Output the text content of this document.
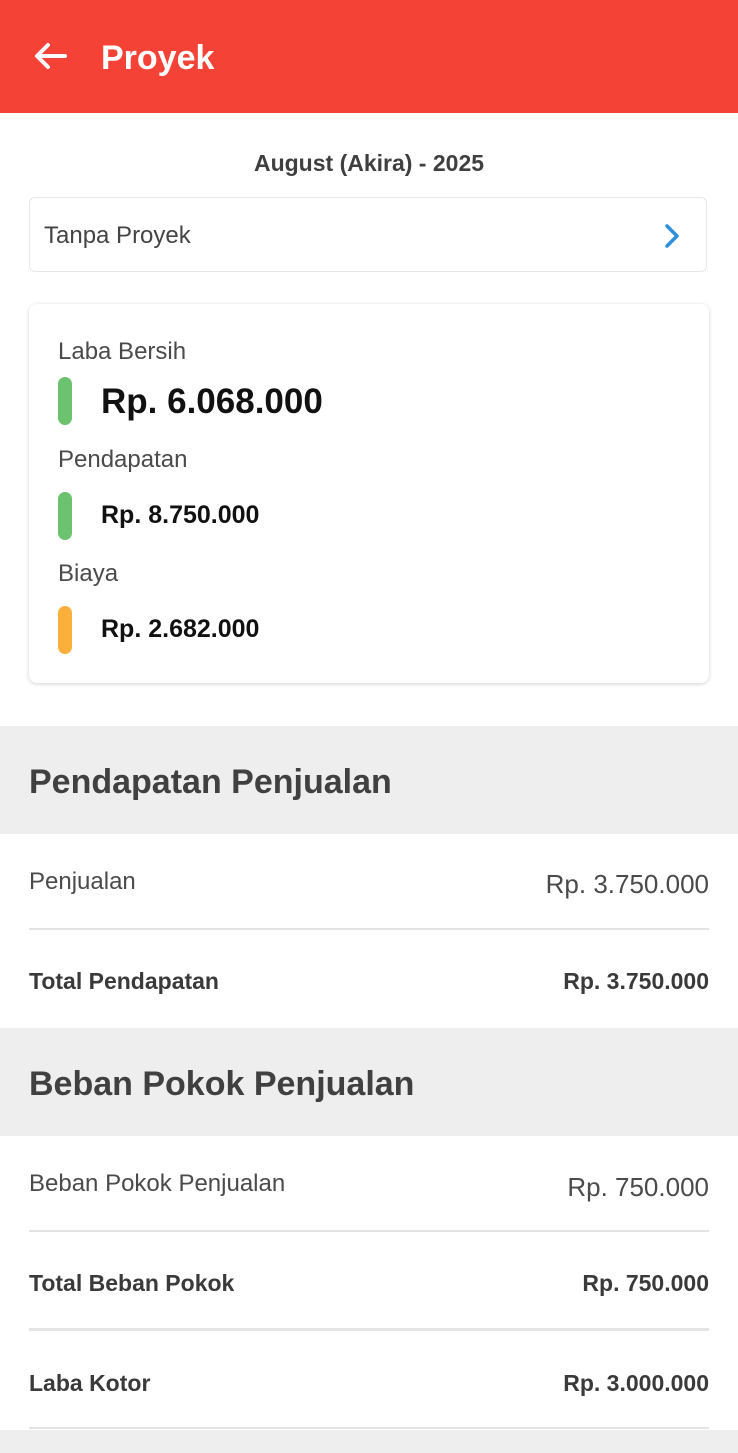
Proyek
August (Akira) - 2025
Tanpa Proyek
Laba Bersih
Rp. 6.068.000
Pendapatan
Rp. 8.750.000
Biaya
Rp. 2.682.000
Pendapatan Penjualan
Penjualan	Rp. 3.750.000
Total Pendapatan	Rp. 3.750.000
Beban Pokok Penjualan
Beban Pokok Penjualan	Rp. 750.000
Total Beban Pokok	Rp. 750.000
Laba Kotor	Rp. 3.000.000
